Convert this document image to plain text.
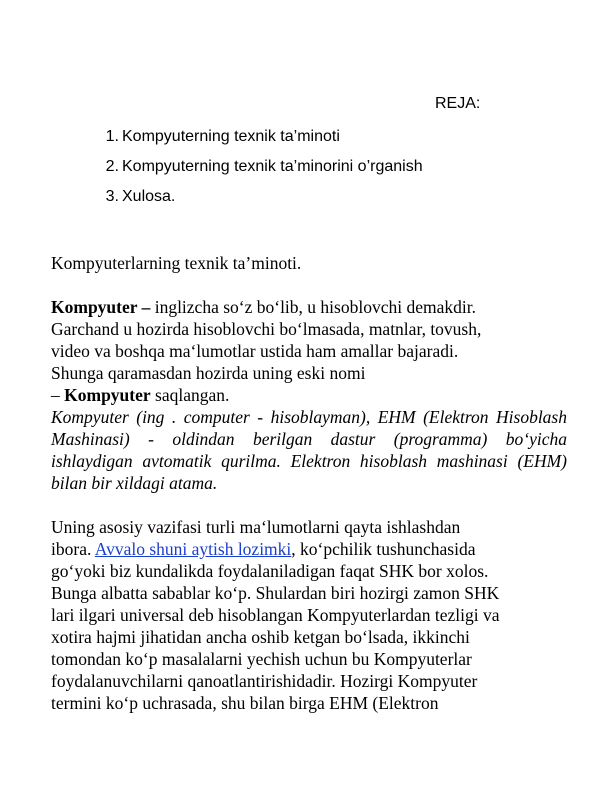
REJA:
1. Kompyuterning texnik ta’minoti
2. Kompyuterning texnik ta’minorini o’rganish
3. Xulosa.

Kompyuterlarning texnik ta’minoti.

Kompyuter – inglizcha so‘z bo‘lib, u hisoblovchi demakdir.

Garchand u hozirda hisoblovchi bo‘lmasada, matnlar, tovush,

video va boshqa ma‘lumotlar ustida ham amallar bajaradi.

Shunga qaramasdan hozirda uning eski nomi

– Kompyuter saqlangan.

Kompyuter (ing . computer - hisoblayman), EHM (Elektron Hisoblash Mashinasi) - oldindan berilgan dastur (programma) bo‘yicha ishlaydigan avtomatik qurilma. Elektron hisoblash mashinasi (EHM) bilan bir xildagi atama.

Uning asosiy vazifasi turli ma‘lumotlarni qayta ishlashdan

ibora. Avvalo shuni aytish lozimki, ko‘pchilik tushunchasida

go‘yoki biz kundalikda foydalaniladigan faqat SHK bor xolos.

Bunga albatta sabablar ko‘p. Shulardan biri hozirgi zamon SHK

lari ilgari universal deb hisoblangan Kompyuterlardan tezligi va

xotira hajmi jihatidan ancha oshib ketgan bo‘lsada, ikkinchi

tomondan ko‘p masalalarni yechish uchun bu Kompyuterlar

foydalanuvchilarni qanoatlantirishidadir. Hozirgi Kompyuter

termini ko‘p uchrasada, shu bilan birga EHM (Elektron
